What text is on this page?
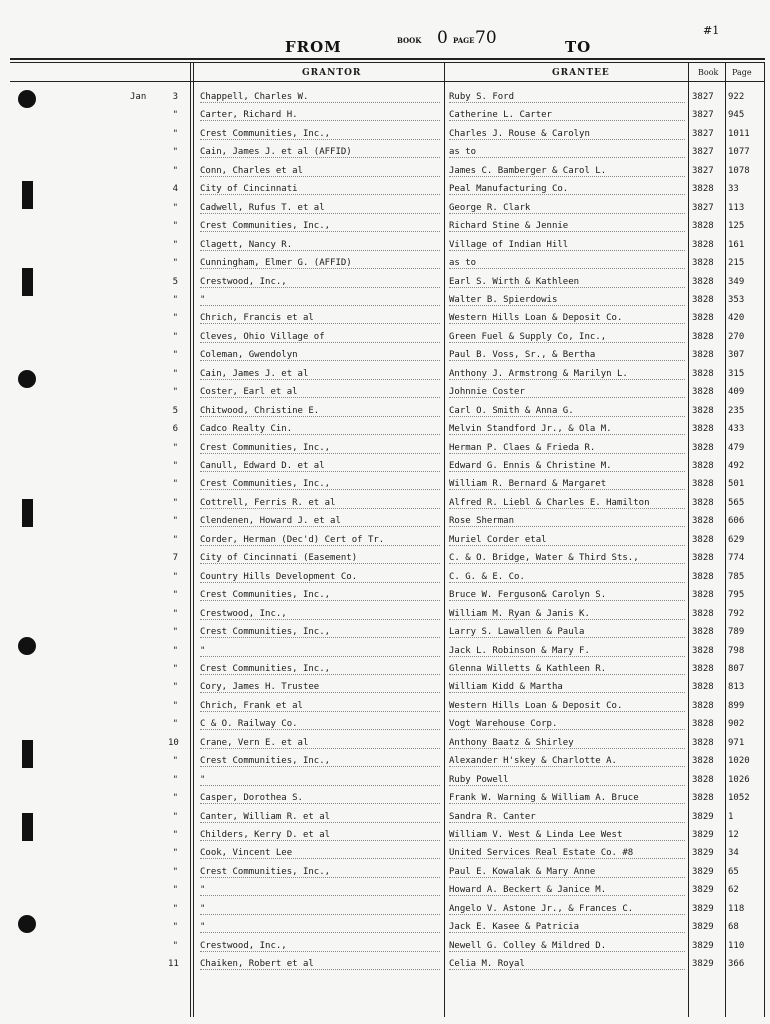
FROM	BOOK 0 PAGE 70	TO
#1
GRANTOR	GRANTEE	Book Page
Jan	3 Chappell, Charles W.	Ruby S. Ford	3827 922
" Carter, Richard H.	Catherine L. Carter	3827 945
" Crest Communities, Inc.,	Charles J. Rouse & Carolyn	3827 1011
" Cain, James J. et al (AFFID)	as to	3827 1077
" Conn, Charles et al	James C. Bamberger & Carol L.	3827 1078
4 City of Cincinnati	Peal Manufacturing Co.	3828 33
" Cadwell, Rufus T. et al	George R. Clark	3827 113
" Crest Communities, Inc.,	Richard Stine & Jennie	3828 125
" Clagett, Nancy R.	Village of Indian Hill	3828 161
" Cunningham, Elmer G. (AFFID)	as to	3828 215
5 Crestwood, Inc.,	Earl S. Wirth & Kathleen	3828 349
" "	Walter B. Spierdowis	3828 353
" Chrich, Francis et al	Western Hills Loan & Deposit Co.	3828 420
" Cleves, Ohio Village of	Green Fuel & Supply Co, Inc.,	3828 270
" Coleman, Gwendolyn	Paul B. Voss, Sr., & Bertha	3828 307
" Cain, James J. et al	Anthony J. Armstrong & Marilyn L.	3828 315
" Coster, Earl et al	Johnnie Coster	3828 409
5 Chitwood, Christine E.	Carl O. Smith & Anna G.	3828 235
6 Cadco Realty Cin.	Melvin Standford Jr., & Ola M.	3828 433
" Crest Communities, Inc.,	Herman P. Claes & Frieda R.	3828 479
" Canull, Edward D. et al	Edward G. Ennis & Christine M.	3828 492
" Crest Communities, Inc.,	William R. Bernard & Margaret	3828 501
" Cottrell, Ferris R. et al	Alfred R. Liebl & Charles E. Hamilton	3828 565
" Clendenen, Howard J. et al	Rose Sherman	3828 606
" Corder, Herman (Dec'd) Cert of Tr.	Muriel Corder etal	3828 629
7 City of Cincinnati (Easement)	C. & O. Bridge, Water & Third Sts.,	3828 774
" Country Hills Development Co.	C. G. & E. Co.	3828 785
" Crest Communities, Inc.,	Bruce W. Ferguson& Carolyn S.	3828 795
" Crestwood, Inc.,	William M. Ryan & Janis K.	3828 792
" Crest Communities, Inc.,	Larry S. Lawallen & Paula	3828 789
" "	Jack L. Robinson & Mary F.	3828 798
" Crest Communities, Inc.,	Glenna Willetts & Kathleen R.	3828 807
" Cory, James H. Trustee	William Kidd & Martha	3828 813
" Chrich, Frank et al	Western Hills Loan & Deposit Co.	3828 899
" C & O. Railway Co.	Vogt Warehouse Corp.	3828 902
10 Crane, Vern E. et al	Anthony Baatz & Shirley	3828 971
" Crest Communities, Inc.,	Alexander H'skey & Charlotte A.	3828 1020
" "	Ruby Powell	3828 1026
" Casper, Dorothea S.	Frank W. Warning & William A. Bruce	3828 1052
" Canter, William R. et al	Sandra R. Canter	3829 1
" Childers, Kerry D. et al	William V. West & Linda Lee West	3829 12
" Cook, Vincent Lee	United Services Real Estate Co. #8	3829 34
" Crest Communities, Inc.,	Paul E. Kowalak & Mary Anne	3829 65
" "	Howard A. Beckert & Janice M.	3829 62
" "	Angelo V. Astone Jr., & Frances C.	3829 118
" "	Jack E. Kasee & Patricia	3829 68
" Crestwood, Inc.,	Newell G. Colley & Mildred D.	3829 110
11 Chaiken, Robert et al	Celia M. Royal	3829 366
